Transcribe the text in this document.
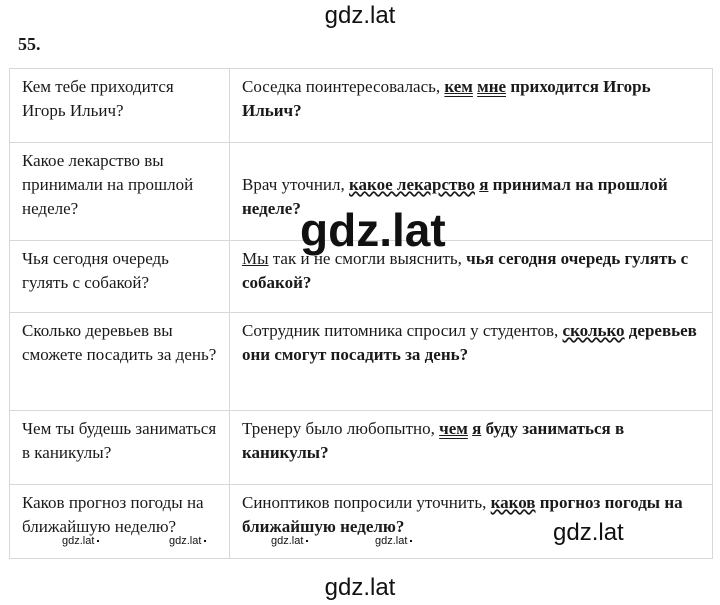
gdz.lat
55.
Кем тебе приходится Игорь Ильич?	Соседка поинтересовалась, кем мне приходится Игорь Ильич?
Какое лекарство вы принимали на прошлой неделе?	Врач уточнил, какое лекарство я принимал на прошлой неделе?
Чья сегодня очередь гулять с собакой?	Мы так и не смогли выяснить, чья сегодня очередь гулять с собакой?
Сколько деревьев вы сможете посадить за день?	Сотрудник питомника спросил у студентов, сколько деревьев они смогут посадить за день?
Чем ты будешь заниматься в каникулы?	Тренеру было любопытно, чем я буду заниматься в каникулы?
Каков прогноз погоды на ближайшую неделю?	Синоптиков попросили уточнить, каков прогноз погоды на ближайшую неделю?
gdz.lat
gdz.lat
gdz.lat	gdz.lat	gdz.lat	gdz.lat
gdz.lat
